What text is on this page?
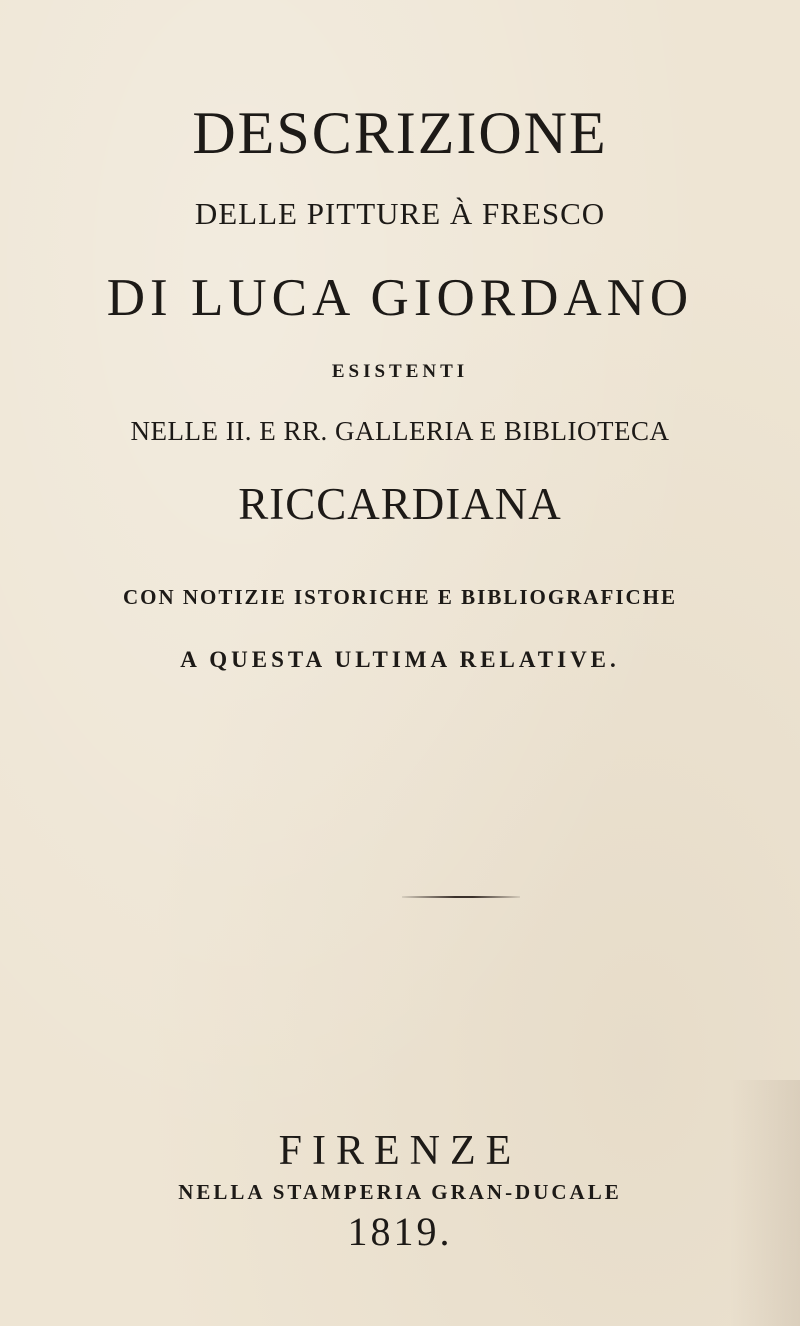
DESCRIZIONE
DELLE PITTURE À FRESCO
DI LUCA GIORDANO
ESISTENTI
NELLE II. E RR. GALLERIA E BIBLIOTECA
RICCARDIANA
CON NOTIZIE ISTORICHE E BIBLIOGRAFICHE
A QUESTA ULTIMA RELATIVE.
FIRENZE
NELLA STAMPERIA GRAN-DUCALE
1819.
